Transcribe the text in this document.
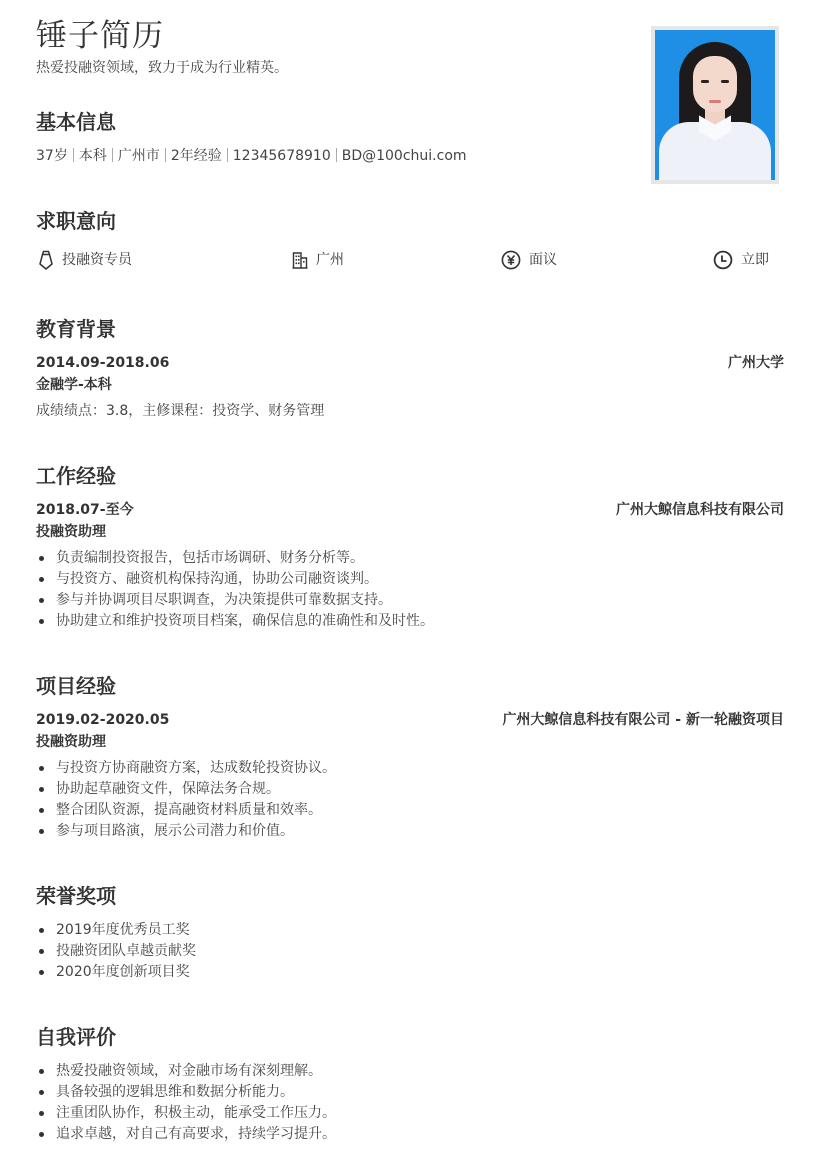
锤子简历
热爱投融资领域，致力于成为行业精英。
基本信息
37岁 本科 广州市 2年经验 12345678910 BD@100chui.com
求职意向
投融资专员	广州	面议	立即
教育背景
2014.09-2018.06	广州大学
金融学-本科
成绩绩点：3.8，主修课程：投资学、财务管理
工作经验
2018.07-至今	广州大鲸信息科技有限公司
投融资助理
负责编制投资报告，包括市场调研、财务分析等。
与投资方、融资机构保持沟通，协助公司融资谈判。
参与并协调项目尽职调查，为决策提供可靠数据支持。
协助建立和维护投资项目档案，确保信息的准确性和及时性。
项目经验
2019.02-2020.05	广州大鲸信息科技有限公司 - 新一轮融资项目
投融资助理
与投资方协商融资方案，达成数轮投资协议。
协助起草融资文件，保障法务合规。
整合团队资源，提高融资材料质量和效率。
参与项目路演，展示公司潜力和价值。
荣誉奖项
2019年度优秀员工奖
投融资团队卓越贡献奖
2020年度创新项目奖
自我评价
热爱投融资领域，对金融市场有深刻理解。
具备较强的逻辑思维和数据分析能力。
注重团队协作，积极主动，能承受工作压力。
追求卓越，对自己有高要求，持续学习提升。
